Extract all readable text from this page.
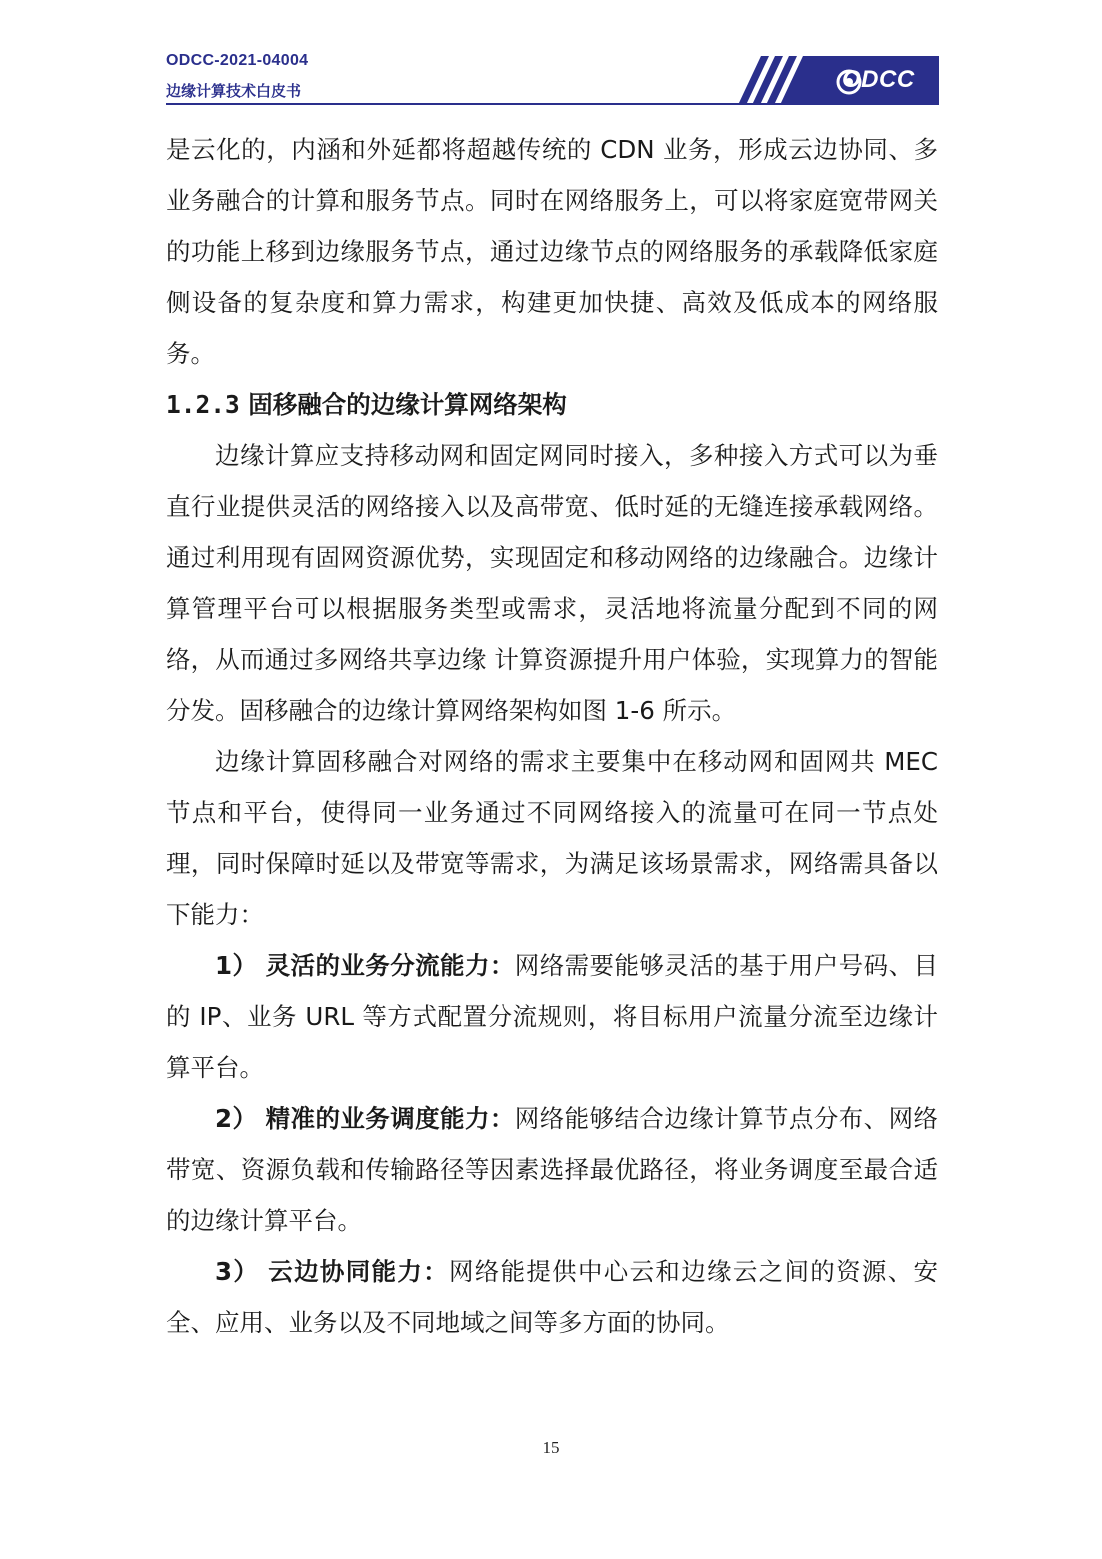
ODCC-2021-04004
边缘计算技术白皮书	ODCC

是云化的，内涵和外延都将超越传统的 CDN 业务，形成云边协同、多业务融合的计算和服务节点。同时在网络服务上，可以将家庭宽带网关的功能上移到边缘服务节点，通过边缘节点的网络服务的承载降低家庭侧设备的复杂度和算力需求，构建更加快捷、高效及低成本的网络服务。

1.2.3 固移融合的边缘计算网络架构

边缘计算应支持移动网和固定网同时接入，多种接入方式可以为垂直行业提供灵活的网络接入以及高带宽、低时延的无缝连接承载网络。通过利用现有固网资源优势，实现固定和移动网络的边缘融合。边缘计算管理平台可以根据服务类型或需求，灵活地将流量分配到不同的网络，从而通过多网络共享边缘 计算资源提升用户体验，实现算力的智能分发。固移融合的边缘计算网络架构如图 1-6 所示。

边缘计算固移融合对网络的需求主要集中在移动网和固网共 MEC 节点和平台，使得同一业务通过不同网络接入的流量可在同一节点处理，同时保障时延以及带宽等需求，为满足该场景需求，网络需具备以下能力：

1） 灵活的业务分流能力：网络需要能够灵活的基于用户号码、目的 IP、业务 URL 等方式配置分流规则，将目标用户流量分流至边缘计算平台。

2） 精准的业务调度能力：网络能够结合边缘计算节点分布、网络带宽、资源负载和传输路径等因素选择最优路径，将业务调度至最合适的边缘计算平台。

3） 云边协同能力：网络能提供中心云和边缘云之间的资源、安全、应用、业务以及不同地域之间等多方面的协同。

15
